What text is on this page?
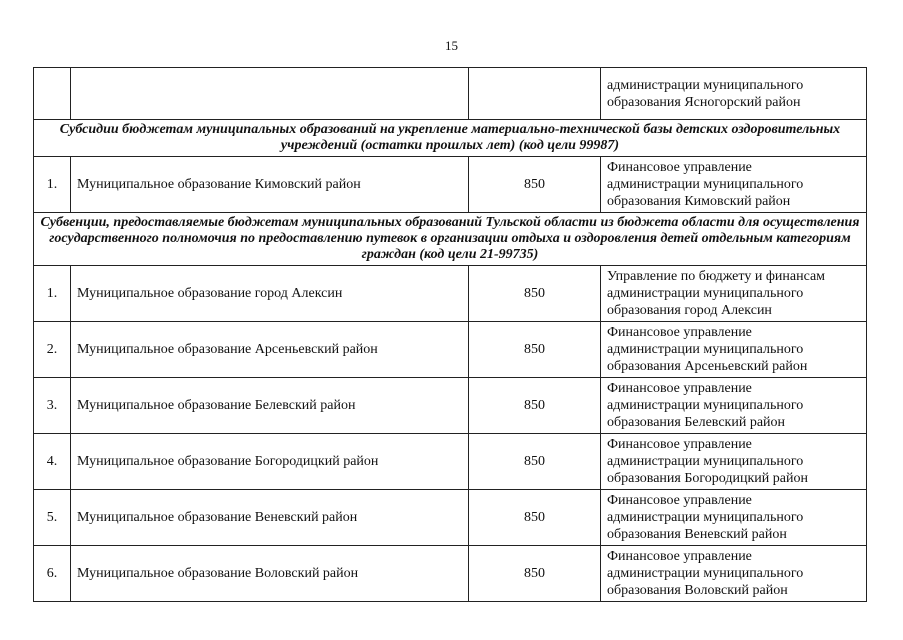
15

			администрации муниципального
образования Ясногорский район

Субсидии бюджетам муниципальных образований на укрепление материально-технической базы детских оздоровительных учреждений (остатки прошлых лет) (код цели 99987)			
1.	Муниципальное образование Кимовский район	850	Финансовое управление
администрации муниципального
образования Кимовский район

Субвенции, предоставляемые бюджетам муниципальных образований Тульской области из бюджета области для осуществления государственного полномочия по предоставлению путевок в организации отдыха и оздоровления детей отдельным категориям граждан (код цели 21-99735)			
1.	Муниципальное образование город Алексин	850	Управление по бюджету и финансам
администрации муниципального
образования город Алексин

2.	Муниципальное образование Арсеньевский район	850	Финансовое управление
администрации муниципального
образования Арсеньевский район

3.	Муниципальное образование Белевский район	850	Финансовое управление
администрации муниципального
образования Белевский район

4.	Муниципальное образование Богородицкий район	850	Финансовое управление
администрации муниципального
образования Богородицкий район

5.	Муниципальное образование Веневский район	850	Финансовое управление
администрации муниципального
образования Веневский район

6.	Муниципальное образование Воловский район	850	Финансовое управление
администрации муниципального
образования Воловский район
